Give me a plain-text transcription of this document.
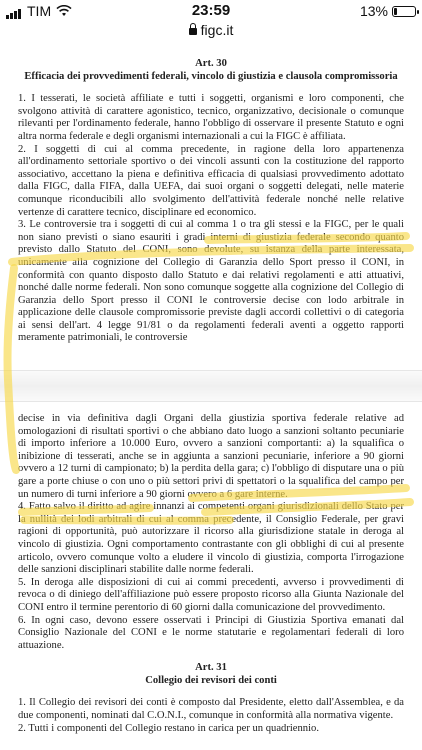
TIM	23:59	13%
figc.it
Art. 30
Efficacia dei provvedimenti federali, vincolo di giustizia e clausola compromissoria

1. I tesserati, le società affiliate e tutti i soggetti, organismi e loro componenti, che svolgono attività di carattere agonistico, tecnico, organizzativo, decisionale o comunque rilevanti per l'ordinamento federale, hanno l'obbligo di osservare il presente Statuto e ogni altra norma federale e degli organismi internazionali a cui la FIGC è affiliata.

2. I soggetti di cui al comma precedente, in ragione della loro appartenenza all'ordinamento settoriale sportivo o dei vincoli assunti con la costituzione del rapporto associativo, accettano la piena e definitiva efficacia di qualsiasi provvedimento adottato dalla FIGC, dalla FIFA, dalla UEFA, dai suoi organi o soggetti delegati, nelle materie comunque riconducibili allo svolgimento dell'attività federale nonché nelle relative vertenze di carattere tecnico, disciplinare ed economico.

3. Le controversie tra i soggetti di cui al comma 1 o tra gli stessi e la FIGC, per le quali non siano previsti o siano esauriti i gradi interni di giustizia federale secondo quanto previsto dallo Statuto del CONI, sono devolute, su istanza della parte interessata, unicamente alla cognizione del Collegio di Garanzia dello Sport presso il CONI, in conformità con quanto disposto dallo Statuto e dai relativi regolamenti e atti attuativi, nonché dalle norme federali. Non sono comunque soggette alla cognizione del Collegio di Garanzia dello Sport presso il CONI le controversie decise con lodo arbitrale in applicazione delle clausole compromissorie previste dagli accordi collettivi o di categoria ai sensi dell'art. 4 legge 91/81 o da regolamenti federali aventi a oggetto rapporti meramente patrimoniali, le controversie

decise in via definitiva dagli Organi della giustizia sportiva federale relative ad omologazioni di risultati sportivi o che abbiano dato luogo a sanzioni soltanto pecuniarie di importo inferiore a 10.000 Euro, ovvero a sanzioni comportanti: a) la squalifica o inibizione di tesserati, anche se in aggiunta a sanzioni pecuniarie, inferiore a 90 giorni ovvero a 12 turni di campionato; b) la perdita della gara; c) l'obbligo di disputare una o più gare a porte chiuse o con uno o più settori privi di spettatori o la squalifica del campo per un numero di turni inferiore a 90 giorni ovvero a 6 gare interne.

4. Fatto salvo il diritto ad agire innanzi ai competenti organi giurisdizionali dello Stato per la nullità dei lodi arbitrali di cui al comma precedente, il Consiglio Federale, per gravi ragioni di opportunità, può autorizzare il ricorso alla giurisdizione statale in deroga al vincolo di giustizia. Ogni comportamento contrastante con gli obblighi di cui al presente articolo, ovvero comunque volto a eludere il vincolo di giustizia, comporta l'irrogazione delle sanzioni disciplinari stabilite dalle norme federali.

5. In deroga alle disposizioni di cui ai commi precedenti, avverso i provvedimenti di revoca o di diniego dell'affiliazione può essere proposto ricorso alla Giunta Nazionale del CONI entro il termine perentorio di 60 giorni dalla comunicazione del provvedimento.

6. In ogni caso, devono essere osservati i Principi di Giustizia Sportiva emanati dal Consiglio Nazionale del CONI e le norme statutarie e regolamentari federali di loro attuazione.

Art. 31
Collegio dei revisori dei conti

1. Il Collegio dei revisori dei conti è composto dal Presidente, eletto dall'Assemblea, e da due componenti, nominati dal C.O.N.I., comunque in conformità alla normativa vigente.

2. Tutti i componenti del Collegio restano in carica per un quadriennio.
